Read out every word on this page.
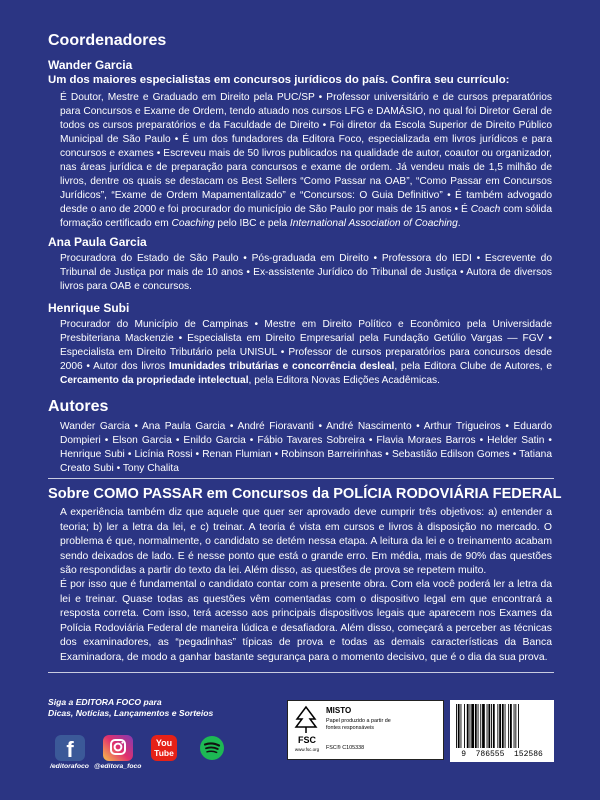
Coordenadores
Wander Garcia
Um dos maiores especialistas em concursos jurídicos do país. Confira seu currículo:
É Doutor, Mestre e Graduado em Direito pela PUC/SP • Professor universitário e de cursos preparatórios para Concursos e Exame de Ordem, tendo atuado nos cursos LFG e DAMÁSIO, no qual foi Diretor Geral de todos os cursos preparatórios e da Faculdade de Direito • Foi diretor da Escola Superior de Direito Público Municipal de São Paulo • É um dos fundadores da Editora Foco, especializada em livros jurídicos e para concursos e exames • Escreveu mais de 50 livros publicados na qualidade de autor, coautor ou organizador, nas áreas jurídica e de preparação para concursos e exame de ordem. Já vendeu mais de 1,5 milhão de livros, dentre os quais se destacam os Best Sellers “Como Passar na OAB”, “Como Passar em Concursos Jurídicos”, “Exame de Ordem Mapamentalizado” e “Concursos: O Guia Definitivo” • É também advogado desde o ano de 2000 e foi procurador do município de São Paulo por mais de 15 anos • É Coach com sólida formação certificado em Coaching pelo IBC e pela International Association of Coaching.
Ana Paula Garcia
Procuradora do Estado de São Paulo • Pós-graduada em Direito • Professora do IEDI • Escrevente do Tribunal de Justiça por mais de 10 anos • Ex-assistente Jurídico do Tribunal de Justiça • Autora de diversos livros para OAB e concursos.
Henrique Subi
Procurador do Município de Campinas • Mestre em Direito Político e Econômico pela Universidade Presbiteriana Mackenzie • Especialista em Direito Empresarial pela Fundação Getúlio Vargas — FGV • Especialista em Direito Tributário pela UNISUL • Professor de cursos preparatórios para concursos desde 2006 • Autor dos livros Imunidades tributárias e concorrência desleal, pela Editora Clube de Autores, e Cercamento da propriedade intelectual, pela Editora Novas Edições Acadêmicas.
Autores
Wander Garcia • Ana Paula Garcia • André Fioravanti • André Nascimento • Arthur Trigueiros • Eduardo Dompieri • Elson Garcia • Enildo Garcia • Fábio Tavares Sobreira • Flavia Moraes Barros • Helder Satin • Henrique Subi • Licínia Rossi • Renan Flumian • Robinson Barreirinhas • Sebastião Edilson Gomes • Tatiana Creato Subi • Tony Chalita
Sobre COMO PASSAR em Concursos da POLÍCIA RODOVIÁRIA FEDERAL
A experiência também diz que aquele que quer ser aprovado deve cumprir três objetivos: a) entender a teoria; b) ler a letra da lei, e c) treinar. A teoria é vista em cursos e livros à disposição no mercado. O problema é que, normalmente, o candidato se detém nessa etapa. A leitura da lei e o treinamento acabam sendo deixados de lado. E é nesse ponto que está o grande erro. Em média, mais de 90% das questões são respondidas a partir do texto da lei. Além disso, as questões de prova se repetem muito.
É por isso que é fundamental o candidato contar com a presente obra. Com ela você poderá ler a letra da lei e treinar. Quase todas as questões vêm comentadas com o dispositivo legal em que encontrará a resposta correta. Com isso, terá acesso aos principais dispositivos legais que aparecem nos Exames da Polícia Rodoviária Federal de maneira lúdica e desafiadora. Além disso, começará a perceber as técnicas dos examinadores, as “pegadinhas” típicas de prova e todas as demais características da Banca Examinadora, de modo a ganhar bastante segurança para o momento decisivo, que é o dia da sua prova.
Siga a EDITORA FOCO para
Dicas, Notícias, Lançamentos e Sorteios
f
/editorafoco @editora_foco
You
Tube
FSC
www.fsc.org
MISTO
Papel produzido a partir de fontes responsáveis
FSC® C105338
9  786555  152586
